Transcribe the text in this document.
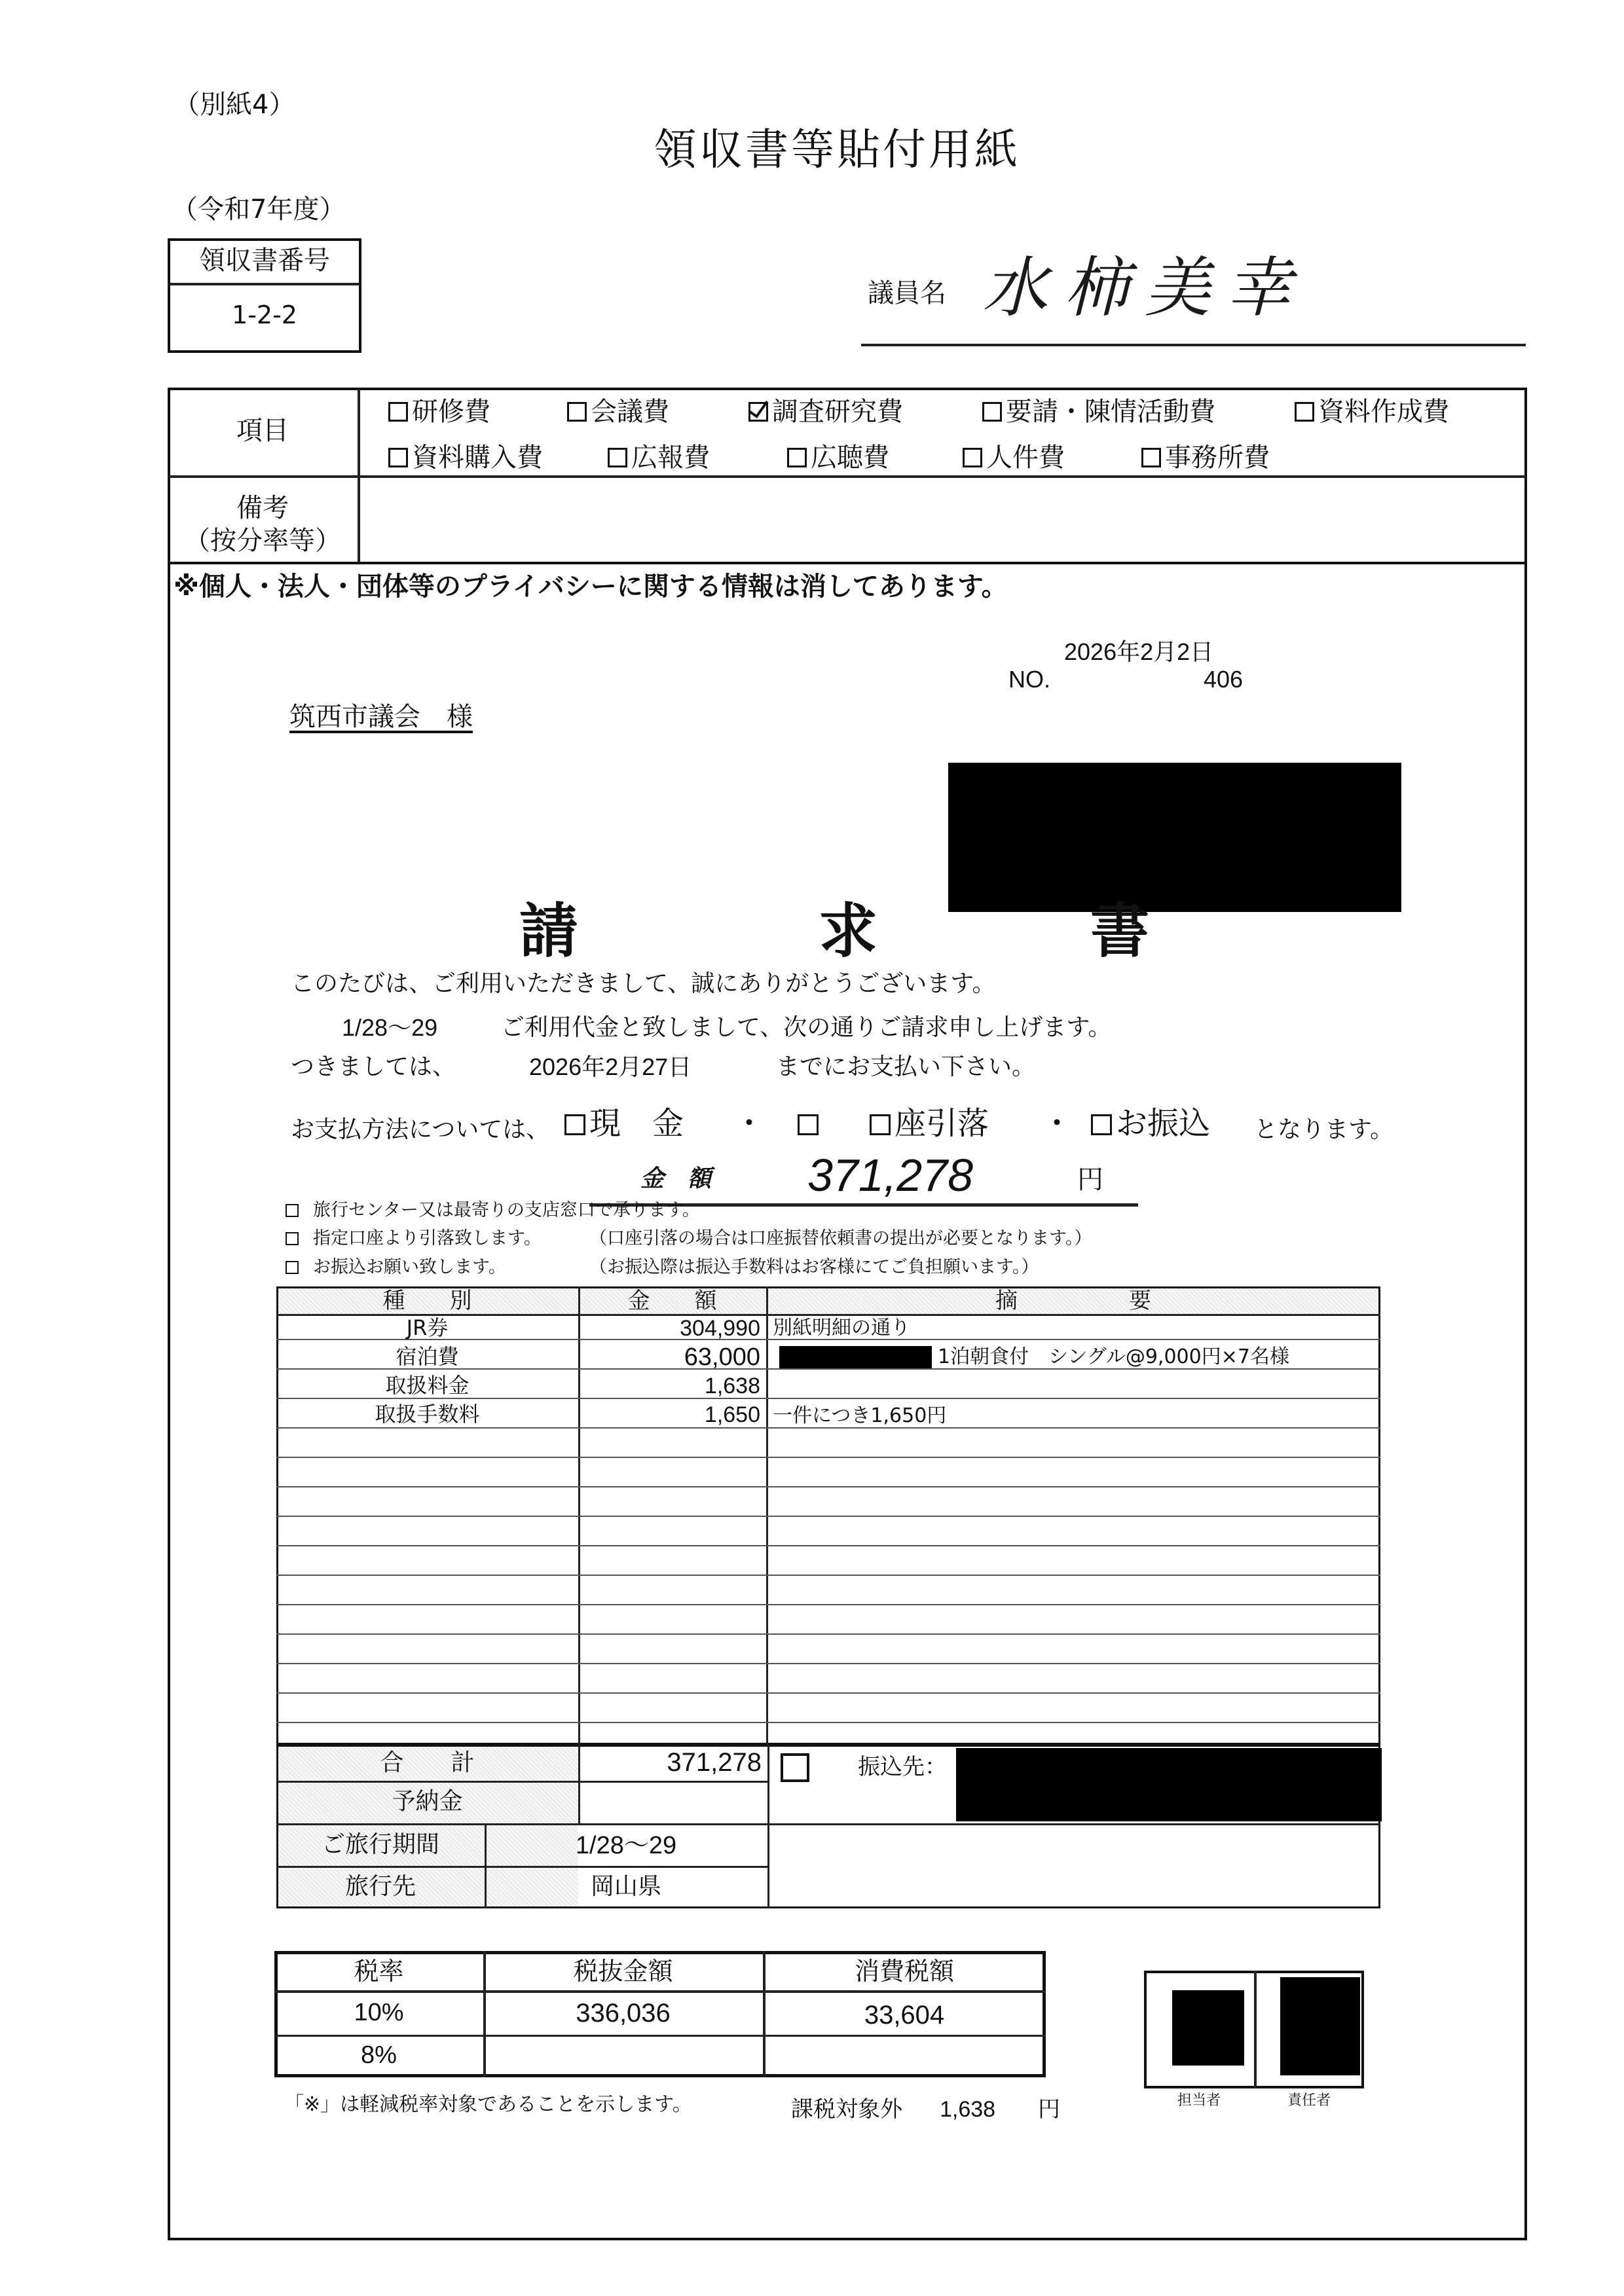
（別紙4）
領収書等貼付用紙
（令和7年度）
領収書番号
1-2-2
議員名 水柿美幸
項目
備考
（按分率等）
研修費	会議費	調査研究費	要請・陳情活動費	資料作成費
資料購入費	広報費	広聴費	人件費	事務所費
※個人・法人・団体等のプライバシーに関する情報は消してあります。
2026年2月2日
NO.	406
筑西市議会　様
請	求	書
このたびは、ご利用いただきまして、誠にありがとうございます。
1/28～29	ご利用代金と致しまして、次の通りご請求申し上げます。
つきましては、	2026年2月27日	までにお支払い下さい。
お支払方法については、	現　金 ・	座引落 ・	お振込 となります。
金　額 371,278	円
旅行センター又は最寄りの支店窓口で承ります。
指定口座より引落致します。	（口座引落の場合は口座振替依頼書の提出が必要となります。）
お振込お願い致します。	（お振込際は振込手数料はお客様にてご負担願います。）
種　　別	金　　額	摘　　　　　要
JR券	304,990 別紙明細の通り
宿泊費	63,000	1泊朝食付　シングル@9,000円×7名様
取扱料金	1,638
取扱手数料	1,650 一件につき1,650円
合　　計	371,278	振込先：
予納金
ご旅行期間	1/28～29
旅行先	岡山県
税率	税抜金額	消費税額
10%	336,036	33,604
8%
「※」は軽減税率対象であることを示します。	課税対象外 1,638 円	担当者	責任者
